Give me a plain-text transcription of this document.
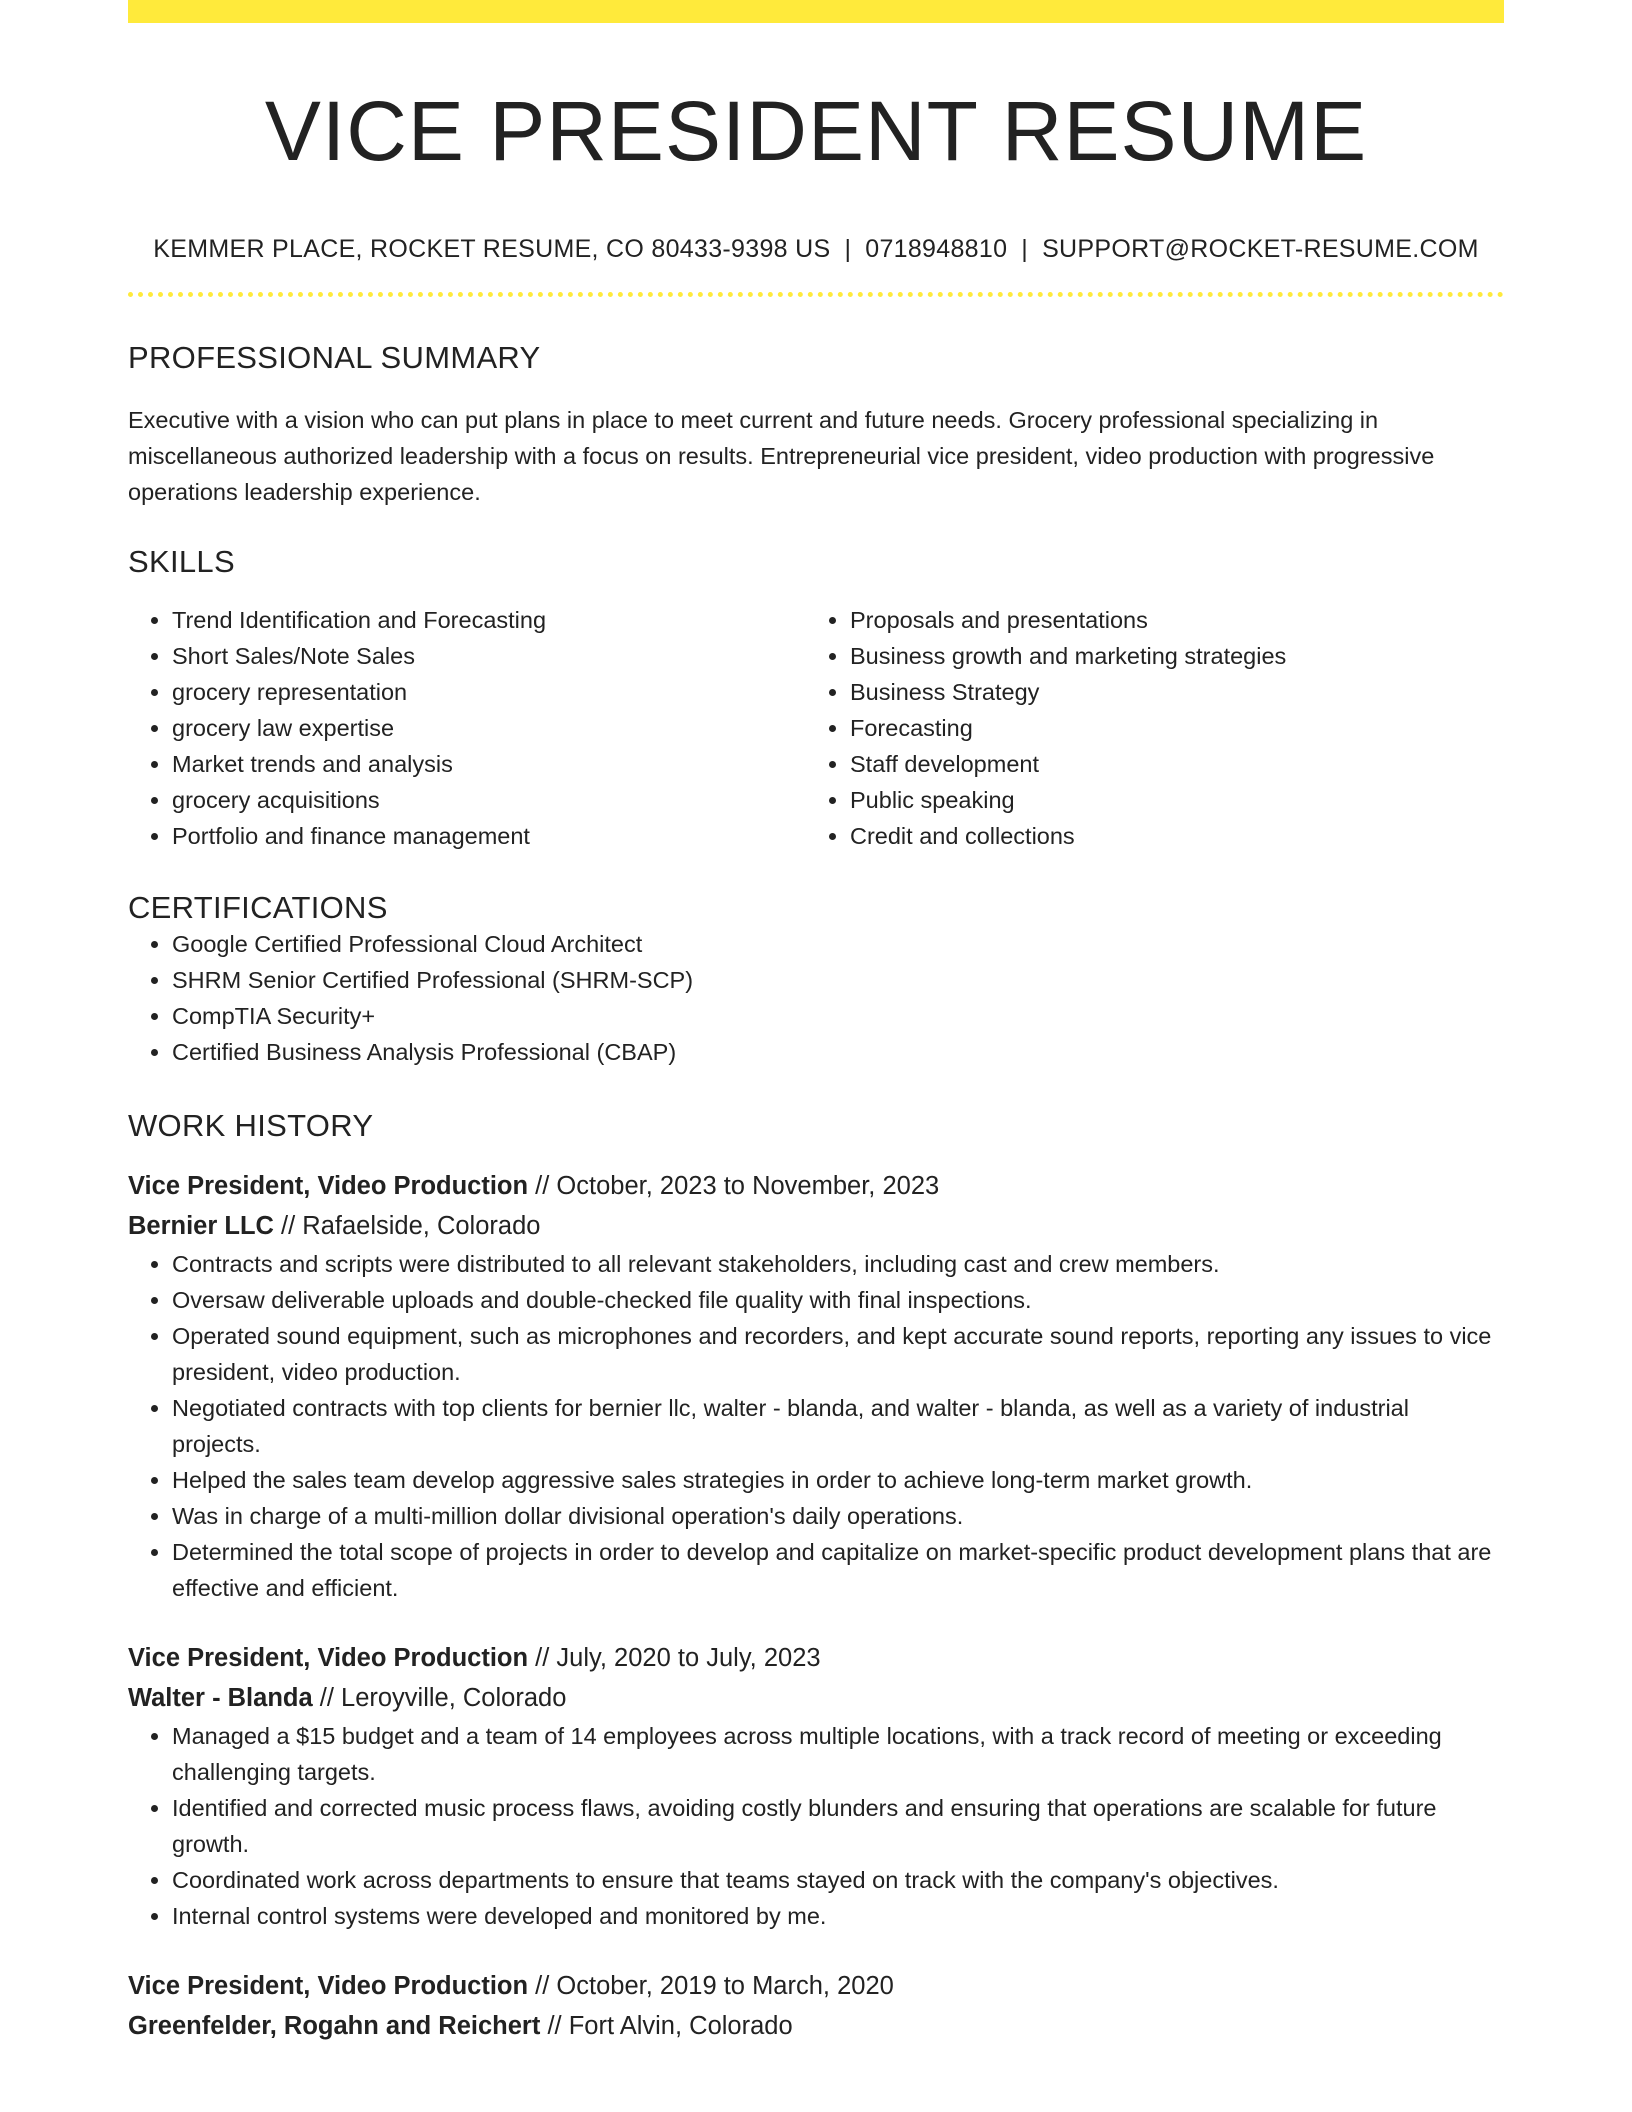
VICE PRESIDENT RESUME
KEMMER PLACE, ROCKET RESUME, CO 80433-9398 US | 0718948810 | SUPPORT@ROCKET-RESUME.COM
PROFESSIONAL SUMMARY

Executive with a vision who can put plans in place to meet current and future needs. Grocery professional specializing in miscellaneous authorized leadership with a focus on results. Entrepreneurial vice president, video production with progressive operations leadership experience.

SKILLS
• Trend Identification and Forecasting
• Short Sales/Note Sales
• grocery representation
• grocery law expertise
• Market trends and analysis
• grocery acquisitions
• Portfolio and finance management
• Proposals and presentations
• Business growth and marketing strategies
• Business Strategy
• Forecasting
• Staff development
• Public speaking
• Credit and collections
CERTIFICATIONS
• Google Certified Professional Cloud Architect
• SHRM Senior Certified Professional (SHRM-SCP)
• CompTIA Security+
• Certified Business Analysis Professional (CBAP)
WORK HISTORY
Vice President, Video Production // October, 2023 to November, 2023
Bernier LLC // Rafaelside, Colorado
• Contracts and scripts were distributed to all relevant stakeholders, including cast and crew members.
• Oversaw deliverable uploads and double-checked file quality with final inspections.
• Operated sound equipment, such as microphones and recorders, and kept accurate sound reports, reporting any issues to vice president, video production.
• Negotiated contracts with top clients for bernier llc, walter - blanda, and walter - blanda, as well as a variety of industrial projects.
• Helped the sales team develop aggressive sales strategies in order to achieve long-term market growth.
• Was in charge of a multi-million dollar divisional operation's daily operations.
• Determined the total scope of projects in order to develop and capitalize on market-specific product development plans that are effective and efficient.
Vice President, Video Production // July, 2020 to July, 2023
Walter - Blanda // Leroyville, Colorado
• Managed a $15 budget and a team of 14 employees across multiple locations, with a track record of meeting or exceeding challenging targets.
• Identified and corrected music process flaws, avoiding costly blunders and ensuring that operations are scalable for future growth.
• Coordinated work across departments to ensure that teams stayed on track with the company's objectives.
• Internal control systems were developed and monitored by me.
Vice President, Video Production // October, 2019 to March, 2020
Greenfelder, Rogahn and Reichert // Fort Alvin, Colorado
